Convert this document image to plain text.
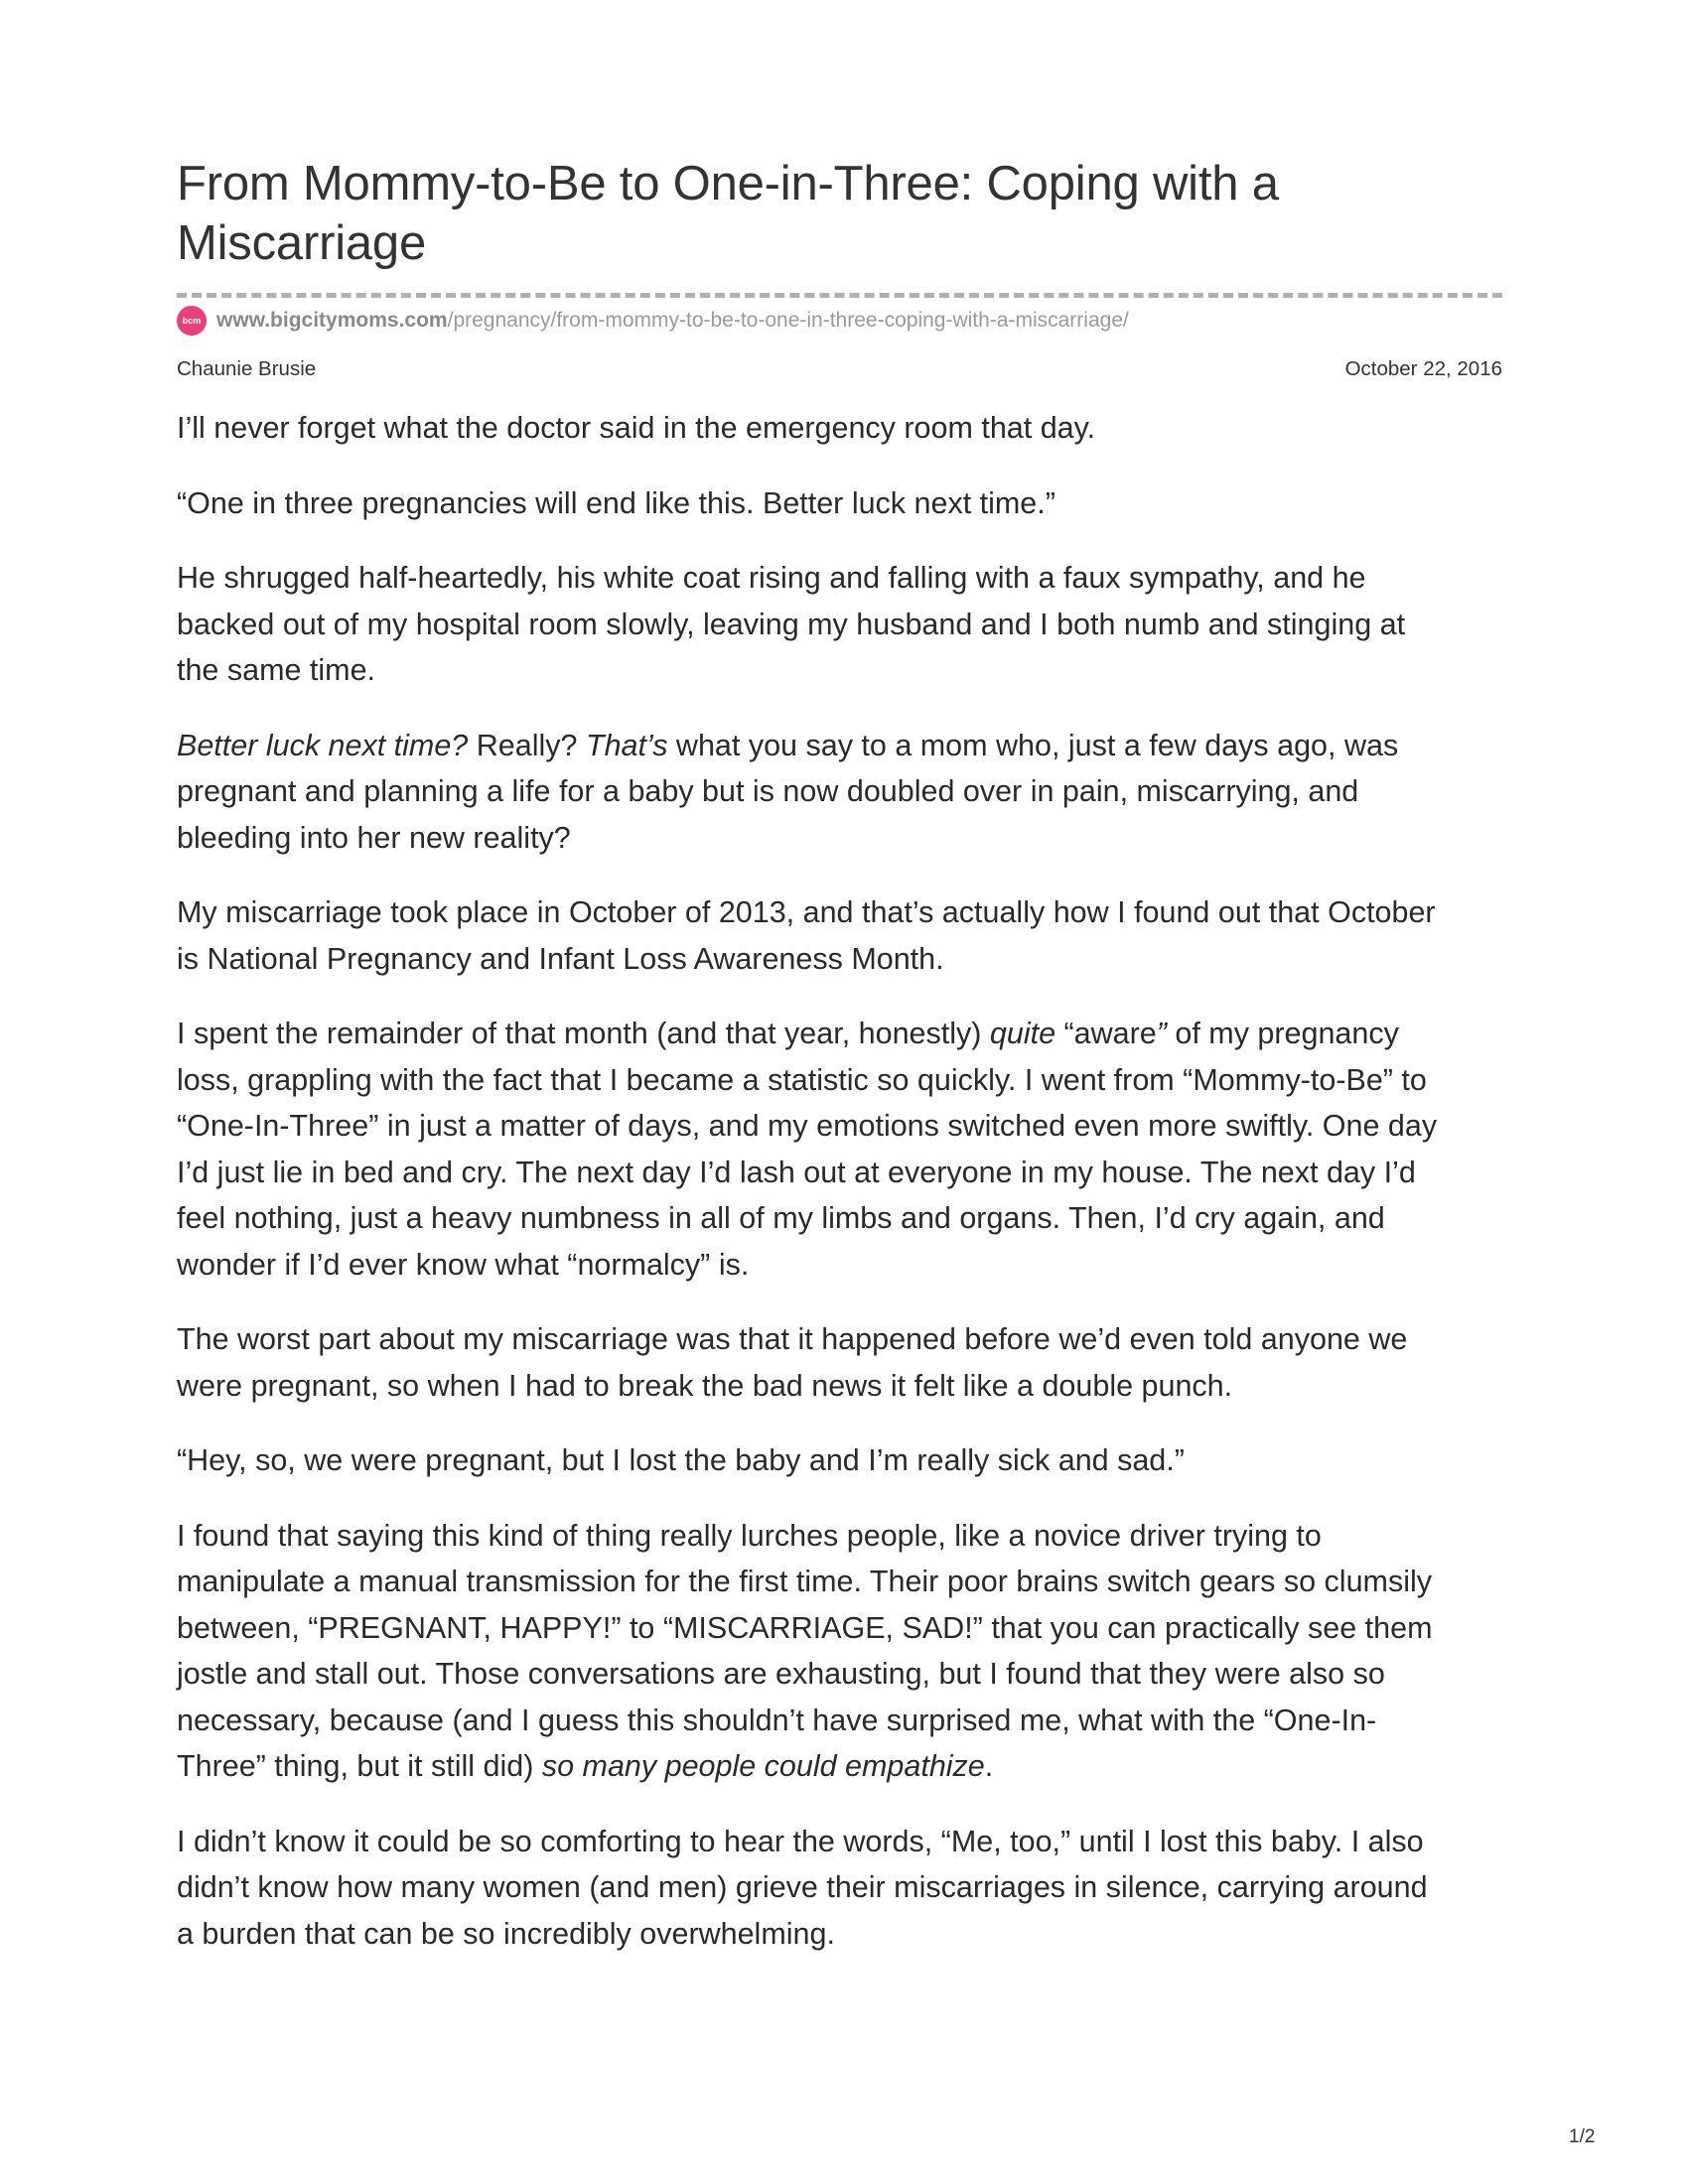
From Mommy-to-Be to One-in-Three: Coping with a Miscarriage
bcm www.bigcitymoms.com/pregnancy/from-mommy-to-be-to-one-in-three-coping-with-a-miscarriage/
Chaunie Brusie	October 22, 2016

I’ll never forget what the doctor said in the emergency room that day.

“One in three pregnancies will end like this. Better luck next time.”

He shrugged half-heartedly, his white coat rising and falling with a faux sympathy, and he
backed out of my hospital room slowly, leaving my husband and I both numb and stinging at
the same time.

Better luck next time? Really? That’s what you say to a mom who, just a few days ago, was
pregnant and planning a life for a baby but is now doubled over in pain, miscarrying, and
bleeding into her new reality?

My miscarriage took place in October of 2013, and that’s actually how I found out that October
is National Pregnancy and Infant Loss Awareness Month.

I spent the remainder of that month (and that year, honestly) quite “aware” of my pregnancy
loss, grappling with the fact that I became a statistic so quickly. I went from “Mommy-to-Be” to
“One-In-Three” in just a matter of days, and my emotions switched even more swiftly. One day
I’d just lie in bed and cry. The next day I’d lash out at everyone in my house. The next day I’d
feel nothing, just a heavy numbness in all of my limbs and organs. Then, I’d cry again, and
wonder if I’d ever know what “normalcy” is.

The worst part about my miscarriage was that it happened before we’d even told anyone we
were pregnant, so when I had to break the bad news it felt like a double punch.

“Hey, so, we were pregnant, but I lost the baby and I’m really sick and sad.”

I found that saying this kind of thing really lurches people, like a novice driver trying to
manipulate a manual transmission for the first time. Their poor brains switch gears so clumsily
between, “PREGNANT, HAPPY!” to “MISCARRIAGE, SAD!” that you can practically see them
jostle and stall out. Those conversations are exhausting, but I found that they were also so
necessary, because (and I guess this shouldn’t have surprised me, what with the “One-In-
Three” thing, but it still did) so many people could empathize.

I didn’t know it could be so comforting to hear the words, “Me, too,” until I lost this baby. I also
didn’t know how many women (and men) grieve their miscarriages in silence, carrying around
a burden that can be so incredibly overwhelming.

1/2
